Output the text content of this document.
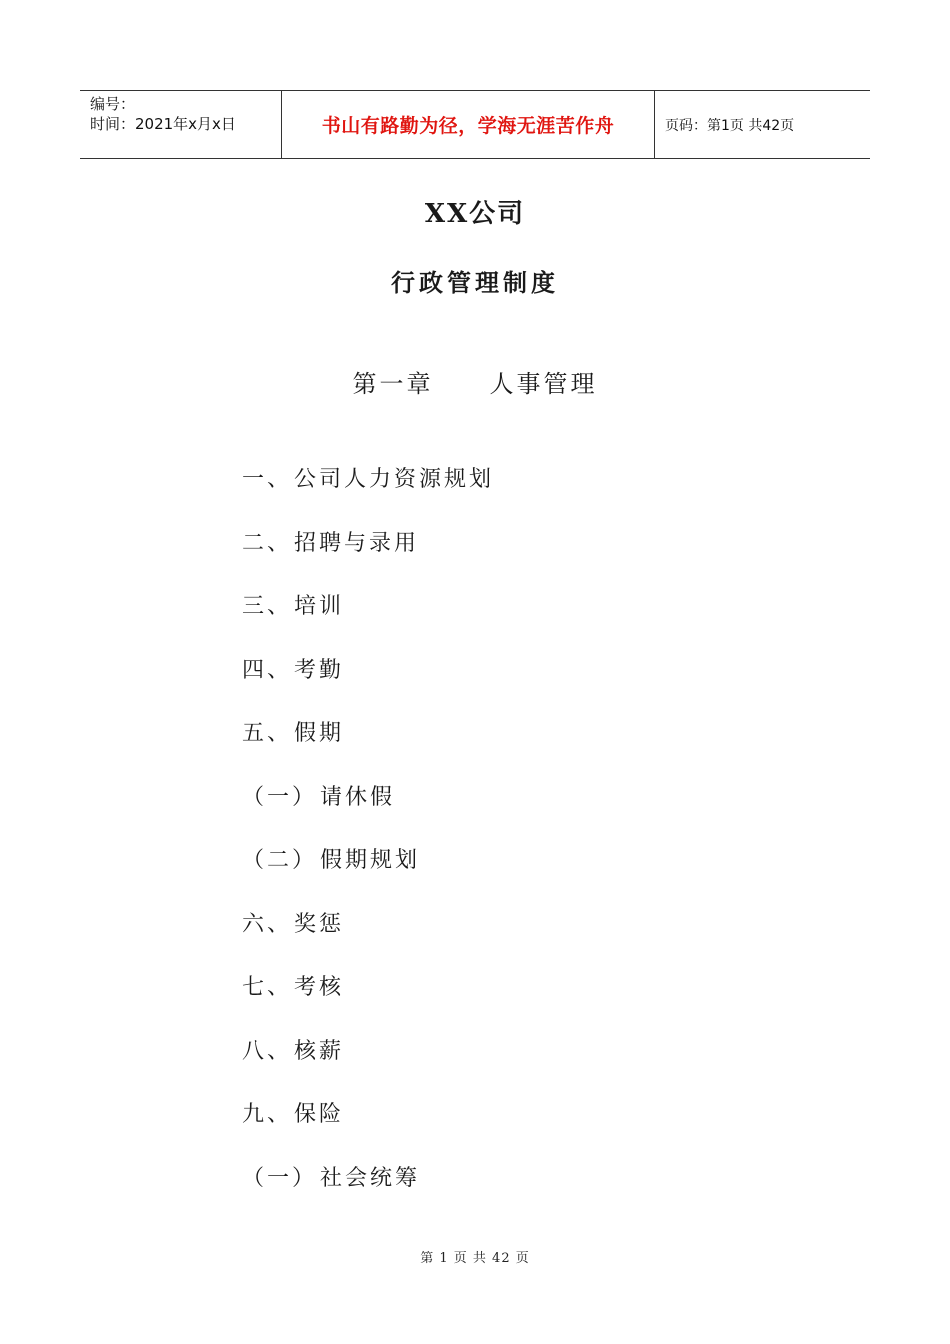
编号：
时间：2021年x月x日	书山有路勤为径，学海无涯苦作舟	页码：第1页 共42页
XX公司
行政管理制度
第一章 人事管理
一、公司人力资源规划
二、招聘与录用
三、培训
四、考勤
五、假期
（一） 请休假
（二） 假期规划
六、奖惩
七、考核
八、核薪
九、保险
（一） 社会统筹
第 1 页 共 42 页
